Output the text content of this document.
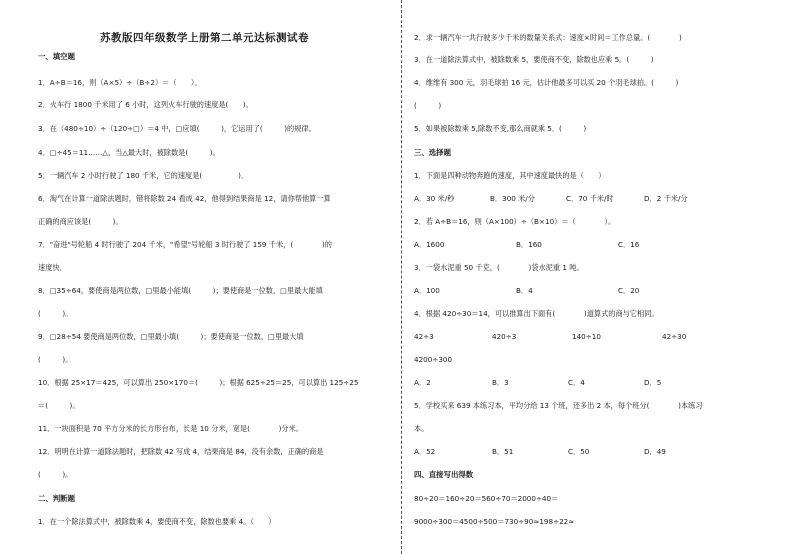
苏教版四年级数学上册第二单元达标测试卷
一、填空题
1．A÷B＝16，则（A×5）÷（B÷2）＝（　　）。
2．火车行 1800 千米用了 6 小时，这列火车行驶的速度是(　　)。
3．在（480÷10）÷（120÷□）＝4 中，□应填(　　　)，它运用了(　　　)的规律。
4．□÷45＝11……△，当△最大时，被除数是(　　　)。
5．一辆汽车 2 小时行驶了 180 千米，它的速度是(　　　　　)．
6．淘气在计算一道除法题时，错将除数 24 看成 42，他得到结果商是 12，请你帮他算一算
正确的商应该是(　　　)。
7．"奋进"号轮船 4 时行驶了 204 千米，"希望"号轮船 3 时行驶了 159 千米，(　　　　)的
速度快．
8．□35÷64，要使商是两位数，□里最小能填(　　　)；要使商是一位数，□里最大能填
(　　　)。
9．□28÷54 要使商是两位数，□里最小填(　　　)；要使商是一位数，□里最大填
(　　　)。
10．根据 25×17＝425，可以算出 250×170＝(　　　)；根据 625÷25＝25，可以算出 125÷25
＝(　　　)。
11．一块面积是 70 平方分米的长方形台布，长是 10 分米，宽是(　　　　)分米。
12．明明在计算一道除法题时，把除数 42 写成 4，结果商是 84，没有余数，正确的商是
(　　　)。
二、判断题
1．在一个除法算式中，被除数乘 4，要使商不变，除数也要乘 4。（　　）
2．求一辆汽车一共行驶多少千米的数量关系式：速度×时间＝工作总量。(　　　　)
3．在一道除法算式中，被除数乘 5，要使商不变，除数也应乘 5。(　　　)
4．维维有 300 元，羽毛球拍 16 元，估计他最多可以买 20 个羽毛球拍。(　　　)
(　　　)
5．如果被除数乘 5,除数不变,那么商就乘 5．(　　　)
三、选择题
1．下面是四种动物奔跑的速度，其中速度最快的是（　　）
2．若 A÷B＝16，则（A×100）÷（B×10）＝（　　　　）。
3．一袋水泥重 50 千克，(　　　　)袋水泥重 1 吨。
4．根据 420÷30＝14，可以推算出下面有(　　　　)道算式的商与它相同。
4200÷300
5．学校买来 639 本练习本，平均分给 13 个班，还多出 2 本，每个班分(　　　　)本练习
本。
四、直接写出得数
80÷20＝160÷20＝560÷70＝2000÷40＝
9000÷300＝4500÷500＝730÷90≈198÷22≈
A．30 米/秒	B．300 米/分	C．70 千米/时	D．2 千米/分
A．1600	B．160	C．16
A．100	B．4	C．20
42÷3	420÷3	140÷10	42÷30
A．2	B．3	C．4	D．5
A．52	B．51	C．50	D．49
